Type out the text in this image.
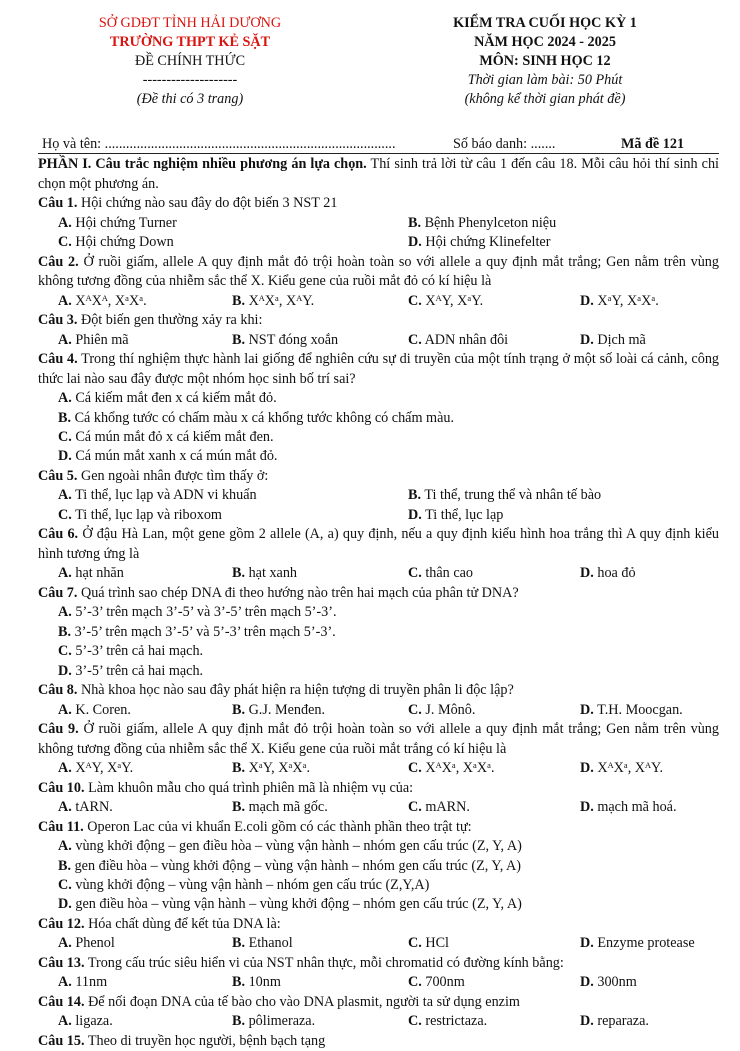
SỞ GDĐT TỈNH HẢI DƯƠNG
TRƯỜNG THPT KẺ SẶT
ĐỀ CHÍNH THỨC
--------------------
(Đề thi có 3 trang)
KIỂM TRA CUỐI HỌC KỲ 1
NĂM HỌC 2024 - 2025
MÔN: SINH HỌC 12
Thời gian làm bài: 50 Phút
(không kể thời gian phát đề)
Họ và tên: ..................................................................................	Số báo danh: .......	Mã đề 121

PHẦN I. Câu trắc nghiệm nhiều phương án lựa chọn. Thí sinh trả lời từ câu 1 đến câu 18. Mỗi câu hỏi thí sinh chỉ chọn một phương án.

Câu 1. Hội chứng nào sau đây do đột biến 3 NST 21

A. Hội chứng Turner	B. Bệnh Phenylceton niệu
C. Hội chứng Down	D. Hội chứng Klinefelter

Câu 2. Ở ruồi giấm, allele A quy định mắt đỏ trội hoàn toàn so với allele a quy định mắt trắng; Gen nằm trên vùng không tương đồng của nhiễm sắc thể X. Kiểu gene của ruồi mắt đỏ có kí hiệu là

A. XᴬXᴬ, XᵃXᵃ.	B. XᴬXᵃ, XᴬY.	C. XᴬY, XᵃY.	D. XᵃY, XᵃXᵃ.

Câu 3. Đột biến gen thường xảy ra khi:

A. Phiên mã	B. NST đóng xoắn	C. ADN nhân đôi	D. Dịch mã

Câu 4. Trong thí nghiệm thực hành lai giống để nghiên cứu sự di truyền của một tính trạng ở một số loài cá cảnh, công thức lai nào sau đây được một nhóm học sinh bố trí sai?

A. Cá kiếm mắt đen x cá kiếm mắt đỏ.
B. Cá khổng tước có chấm màu x cá khổng tước không có chấm màu.
C. Cá mún mắt đỏ x cá kiếm mắt đen.
D. Cá mún mắt xanh x cá mún mắt đỏ.

Câu 5. Gen ngoài nhân được tìm thấy ở:

A. Ti thể, lục lạp và ADN vi khuẩn	B. Ti thể, trung thể và nhân tế bào
C. Ti thể, lục lạp và riboxom	D. Ti thể, lục lạp

Câu 6. Ở đậu Hà Lan, một gene gồm 2 allele (A, a) quy định, nếu a quy định kiểu hình hoa trắng thì A quy định kiểu hình tương ứng là

A. hạt nhăn	B. hạt xanh	C. thân cao	D. hoa đỏ

Câu 7. Quá trình sao chép DNA đi theo hướng nào trên hai mạch của phân tử DNA?

A. 5’-3’ trên mạch 3’-5’ và 3’-5’ trên mạch 5’-3’.
B. 3’-5’ trên mạch 3’-5’ và 5’-3’ trên mạch 5’-3’.
C. 5’-3’ trên cả hai mạch.
D. 3’-5’ trên cả hai mạch.

Câu 8. Nhà khoa học nào sau đây phát hiện ra hiện tượng di truyền phân li độc lập?

A. K. Coren.	B. G.J. Menđen.	C. J. Mônô.	D. T.H. Moocgan.

Câu 9. Ở ruồi giấm, allele A quy định mắt đỏ trội hoàn toàn so với allele a quy định mắt trắng; Gen nằm trên vùng không tương đồng của nhiễm sắc thể X. Kiểu gene của ruồi mắt trắng có kí hiệu là

A. XᴬY, XᵃY.	B. XᵃY, XᵃXᵃ.	C. XᴬXᵃ, XᵃXᵃ.	D. XᴬXᵃ, XᴬY.

Câu 10. Làm khuôn mẫu cho quá trình phiên mã là nhiệm vụ của:

A. tARN.	B. mạch mã gốc.	C. mARN.	D. mạch mã hoá.

Câu 11. Operon Lac của vi khuẩn E.coli gồm có các thành phần theo trật tự:

A. vùng khởi động – gen điều hòa – vùng vận hành – nhóm gen cấu trúc (Z, Y, A)
B. gen điều hòa – vùng khởi động – vùng vận hành – nhóm gen cấu trúc (Z, Y, A)
C. vùng khởi động – vùng vận hành – nhóm gen cấu trúc (Z,Y,A)
D. gen điều hòa – vùng vận hành – vùng khởi động – nhóm gen cấu trúc (Z, Y, A)

Câu 12. Hóa chất dùng để kết tủa DNA là:

A. Phenol	B. Ethanol	C. HCl	D. Enzyme protease

Câu 13. Trong cấu trúc siêu hiển vi của NST nhân thực, mỗi chromatid có đường kính bằng:

A. 11nm	B. 10nm	C. 700nm	D. 300nm

Câu 14. Để nối đoạn DNA của tế bào cho vào DNA plasmit, người ta sử dụng enzim

A. ligaza.	B. pôlimeraza.	C. restrictaza.	D. reparaza.

Câu 15. Theo di truyền học người, bệnh bạch tạng
